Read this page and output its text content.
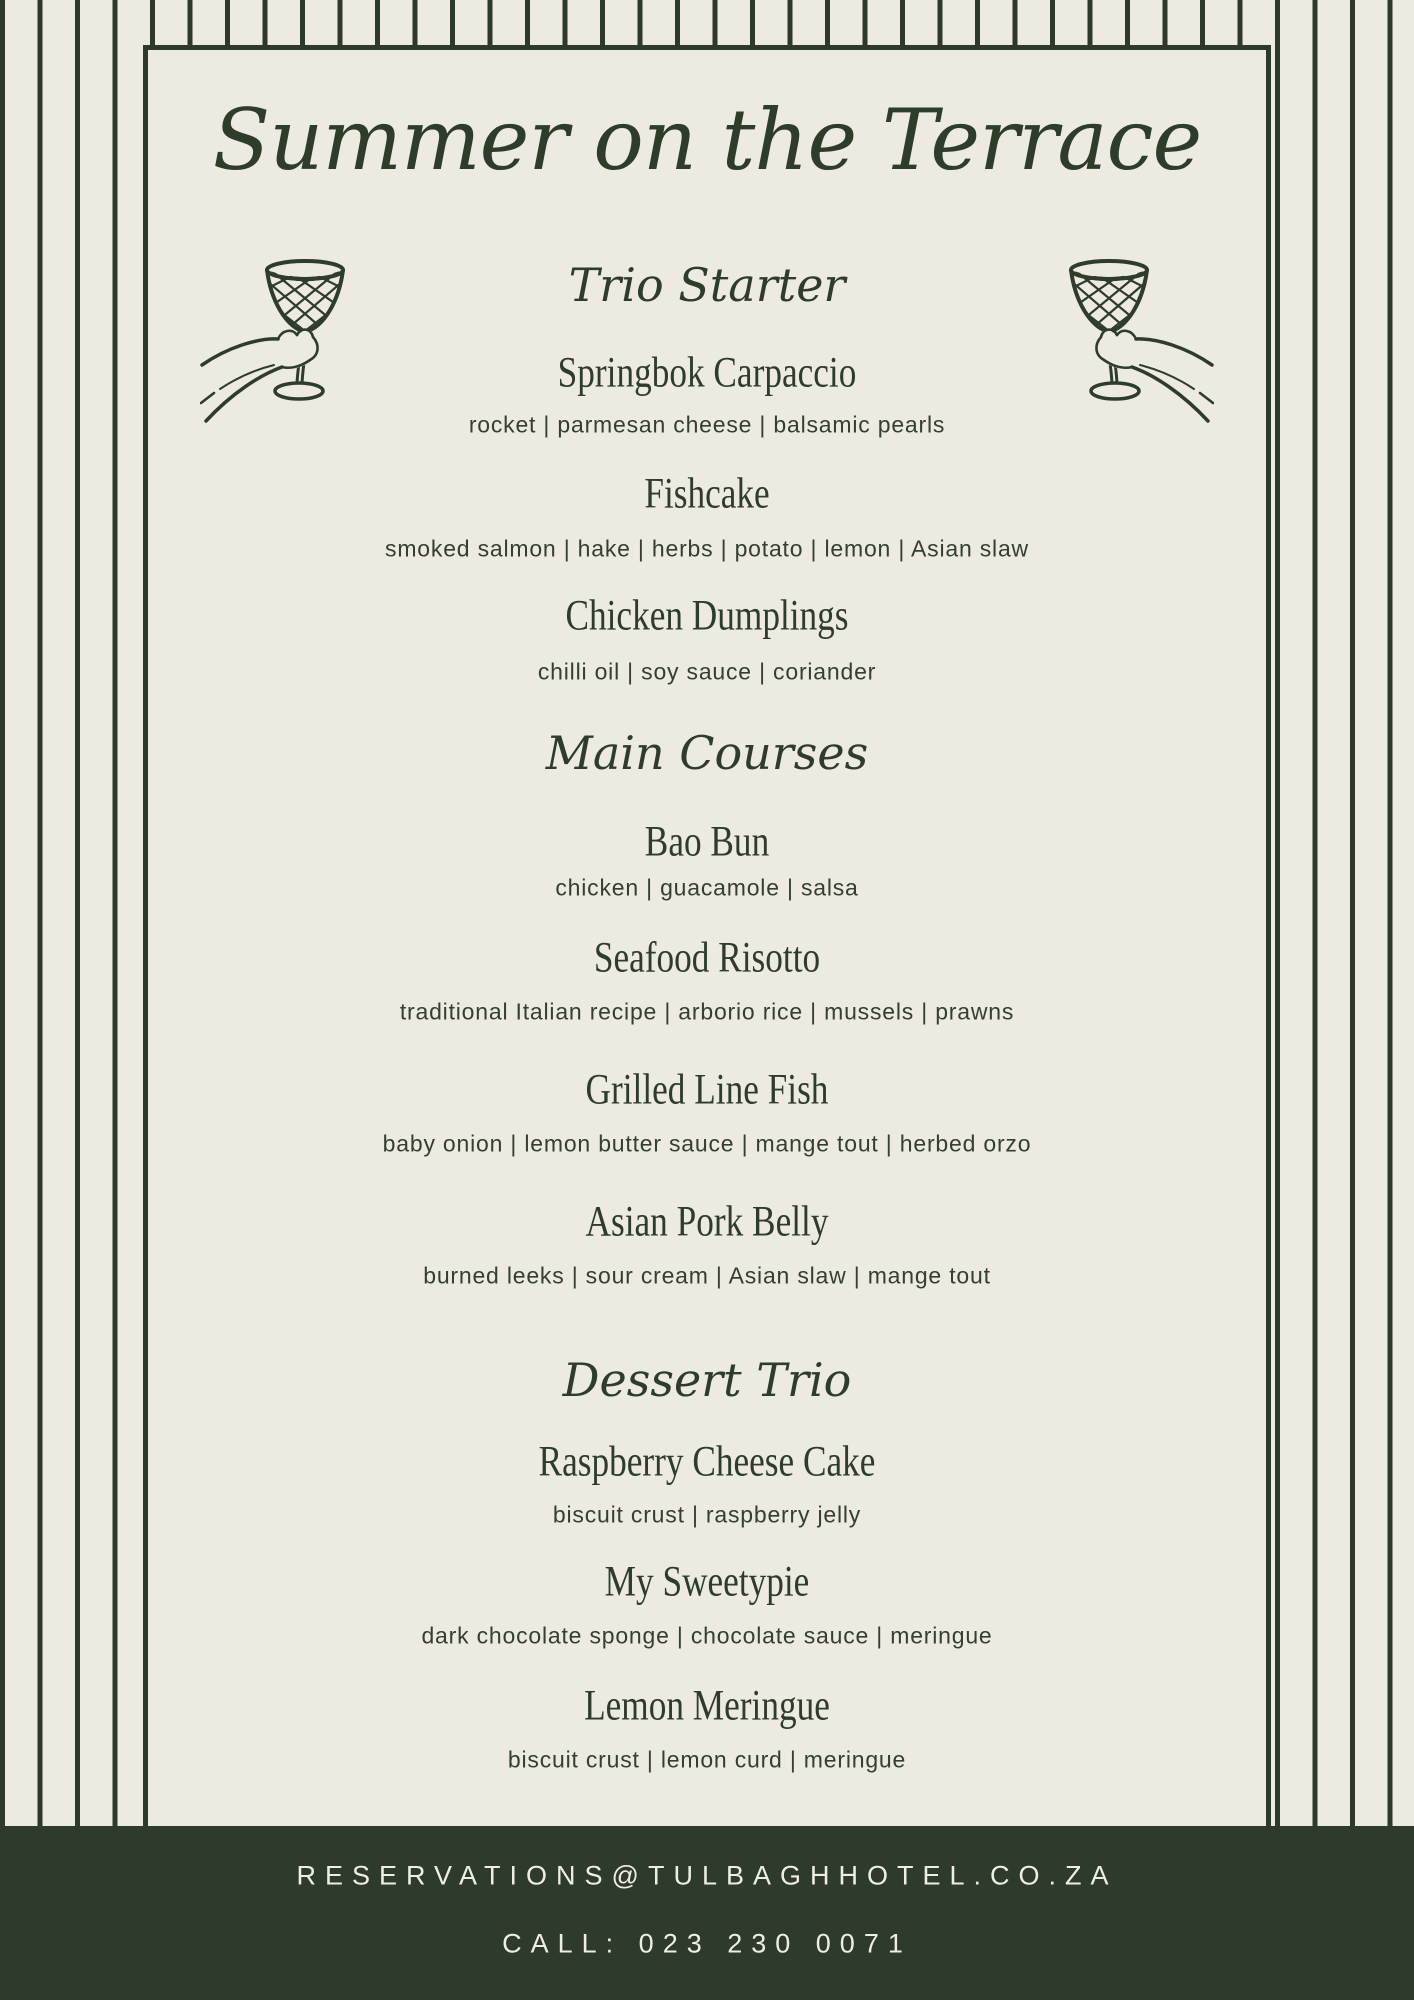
Summer on the Terrace
Trio Starter
Springbok Carpaccio
rocket | parmesan cheese | balsamic pearls
Fishcake
smoked salmon | hake | herbs | potato | lemon | Asian slaw
Chicken Dumplings
chilli oil | soy sauce | coriander
Main Courses
Bao Bun
chicken | guacamole | salsa
Seafood Risotto
traditional Italian recipe | arborio rice | mussels | prawns
Grilled Line Fish
baby onion | lemon butter sauce | mange tout | herbed orzo
Asian Pork Belly
burned leeks | sour cream | Asian slaw | mange tout
Dessert Trio
Raspberry Cheese Cake
biscuit crust | raspberry jelly
My Sweetypie
dark chocolate sponge | chocolate sauce | meringue
Lemon Meringue
biscuit crust | lemon curd | meringue
RESERVATIONS@TULBAGHHOTEL.CO.ZA
CALL: 023 230 0071
